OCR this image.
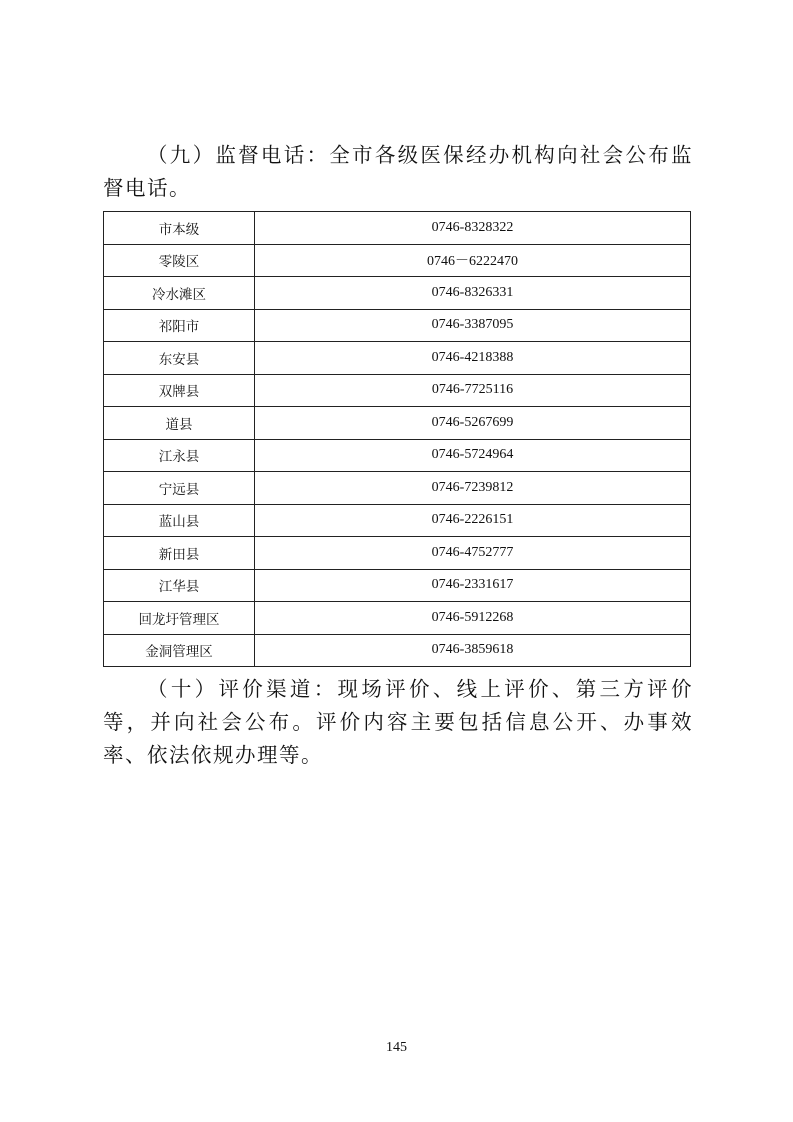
（九）监督电话：全市各级医保经办机构向社会公布监督电话。

市本级	0746-8328322
零陵区	0746－6222470
冷水滩区	0746-8326331
祁阳市	0746-3387095
东安县	0746-4218388
双牌县	0746-7725116
道县	0746-5267699
江永县	0746-5724964
宁远县	0746-7239812
蓝山县	0746-2226151
新田县	0746-4752777
江华县	0746-2331617
回龙圩管理区	0746-5912268
金洞管理区	0746-3859618

（十）评价渠道：现场评价、线上评价、第三方评价等，并向社会公布。评价内容主要包括信息公开、办事效率、依法依规办理等。

145
